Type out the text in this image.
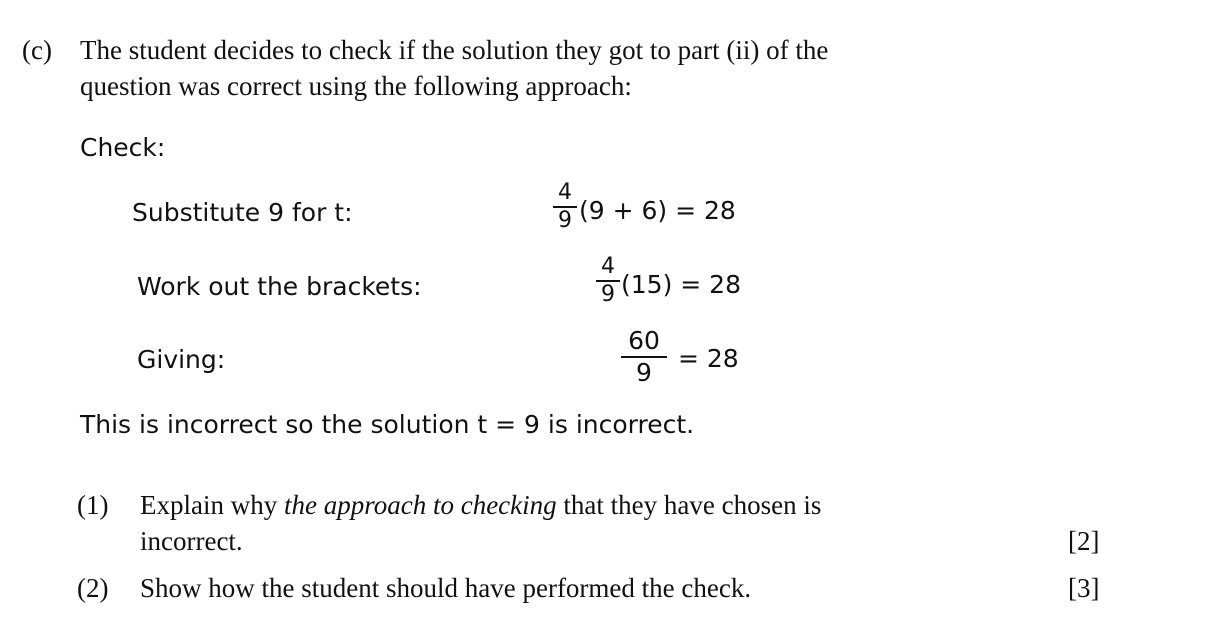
(c) The student decides to check if the solution they got to part (ii) of the
question was correct using the following approach:
Check:
Substitute 9 for t:
4
9 (9 + 6) = 28
Work out the brackets:
4
9 (15) = 28
Giving:
60
9 = 28
This is incorrect so the solution t = 9 is incorrect.
(1) Explain why the approach to checking that they have chosen is
incorrect.	[2]
(2) Show how the student should have performed the check.	[3]
